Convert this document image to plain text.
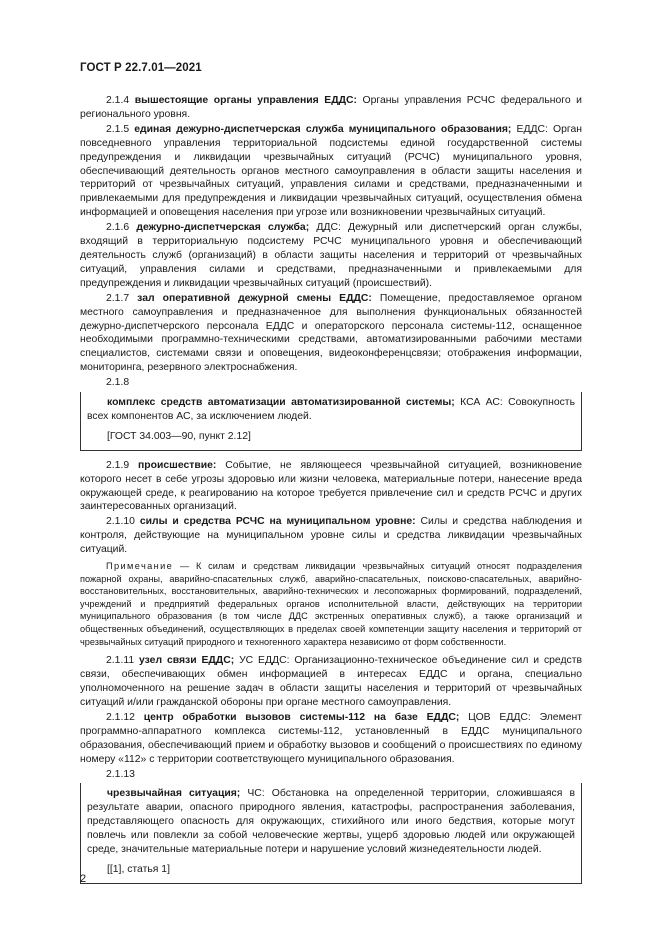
ГОСТ Р 22.7.01—2021

2.1.4 вышестоящие органы управления ЕДДС: Органы управления РСЧС федерального и регионального уровня.

2.1.5 единая дежурно-диспетчерская служба муниципального образования; ЕДДС: Орган повседневного управления территориальной подсистемы единой государственной системы предупреждения и ликвидации чрезвычайных ситуаций (РСЧС) муниципального уровня, обеспечивающий деятельность органов местного самоуправления в области защиты населения и территорий от чрезвычайных ситуаций, управления силами и средствами, предназначенными и привлекаемыми для предупреждения и ликвидации чрезвычайных ситуаций, осуществления обмена информацией и оповещения населения при угрозе или возникновении чрезвычайных ситуаций.

2.1.6 дежурно-диспетчерская служба; ДДС: Дежурный или диспетчерский орган службы, входящий в территориальную подсистему РСЧС муниципального уровня и обеспечивающий деятельность служб (организаций) в области защиты населения и территорий от чрезвычайных ситуаций, управления силами и средствами, предназначенными и привлекаемыми для предупреждения и ликвидации чрезвычайных ситуаций (происшествий).

2.1.7 зал оперативной дежурной смены ЕДДС: Помещение, предоставляемое органом местного самоуправления и предназначенное для выполнения функциональных обязанностей дежурно-диспетчерского персонала ЕДДС и операторского персонала системы-112, оснащенное необходимыми программно-техническими средствами, автоматизированными рабочими местами специалистов, системами связи и оповещения, видеоконференцсвязи; отображения информации, мониторинга, резервного электроснабжения.

2.1.8

комплекс средств автоматизации автоматизированной системы; КСА АС: Совокупность всех компонентов АС, за исключением людей.

[ГОСТ 34.003—90, пункт 2.12]

2.1.9 происшествие: Событие, не являющееся чрезвычайной ситуацией, возникновение которого несет в себе угрозы здоровью или жизни человека, материальные потери, нанесение вреда окружающей среде, к реагированию на которое требуется привлечение сил и средств РСЧС и других заинтересованных организаций.

2.1.10 силы и средства РСЧС на муниципальном уровне: Силы и средства наблюдения и контроля, действующие на муниципальном уровне силы и средства ликвидации чрезвычайных ситуаций.

Примечание — К силам и средствам ликвидации чрезвычайных ситуаций относят подразделения пожарной охраны, аварийно-спасательных служб, аварийно-спасательных, поисково-спасательных, аварийно-восстановительных, восстановительных, аварийно-технических и лесопожарных формирований, подразделений, учреждений и предприятий федеральных органов исполнительной власти, действующих на территории муниципального образования (в том числе ДДС экстренных оперативных служб), а также организаций и общественных объединений, осуществляющих в пределах своей компетенции защиту населения и территорий от чрезвычайных ситуаций природного и техногенного характера независимо от форм собственности.

2.1.11 узел связи ЕДДС; УС ЕДДС: Организационно-техническое объединение сил и средств связи, обеспечивающих обмен информацией в интересах ЕДДС и органа, специально уполномоченного на решение задач в области защиты населения и территорий от чрезвычайных ситуаций и/или гражданской обороны при органе местного самоуправления.

2.1.12 центр обработки вызовов системы-112 на базе ЕДДС; ЦОВ ЕДДС: Элемент программно-аппаратного комплекса системы-112, установленный в ЕДДС муниципального образования, обеспечивающий прием и обработку вызовов и сообщений о происшествиях по единому номеру «112» с территории соответствующего муниципального образования.

2.1.13

чрезвычайная ситуация; ЧС: Обстановка на определенной территории, сложившаяся в результате аварии, опасного природного явления, катастрофы, распространения заболевания, представляющего опасность для окружающих, стихийного или иного бедствия, которые могут повлечь или повлекли за собой человеческие жертвы, ущерб здоровью людей или окружающей среде, значительные материальные потери и нарушение условий жизнедеятельности людей.

[[1], статья 1]

2
